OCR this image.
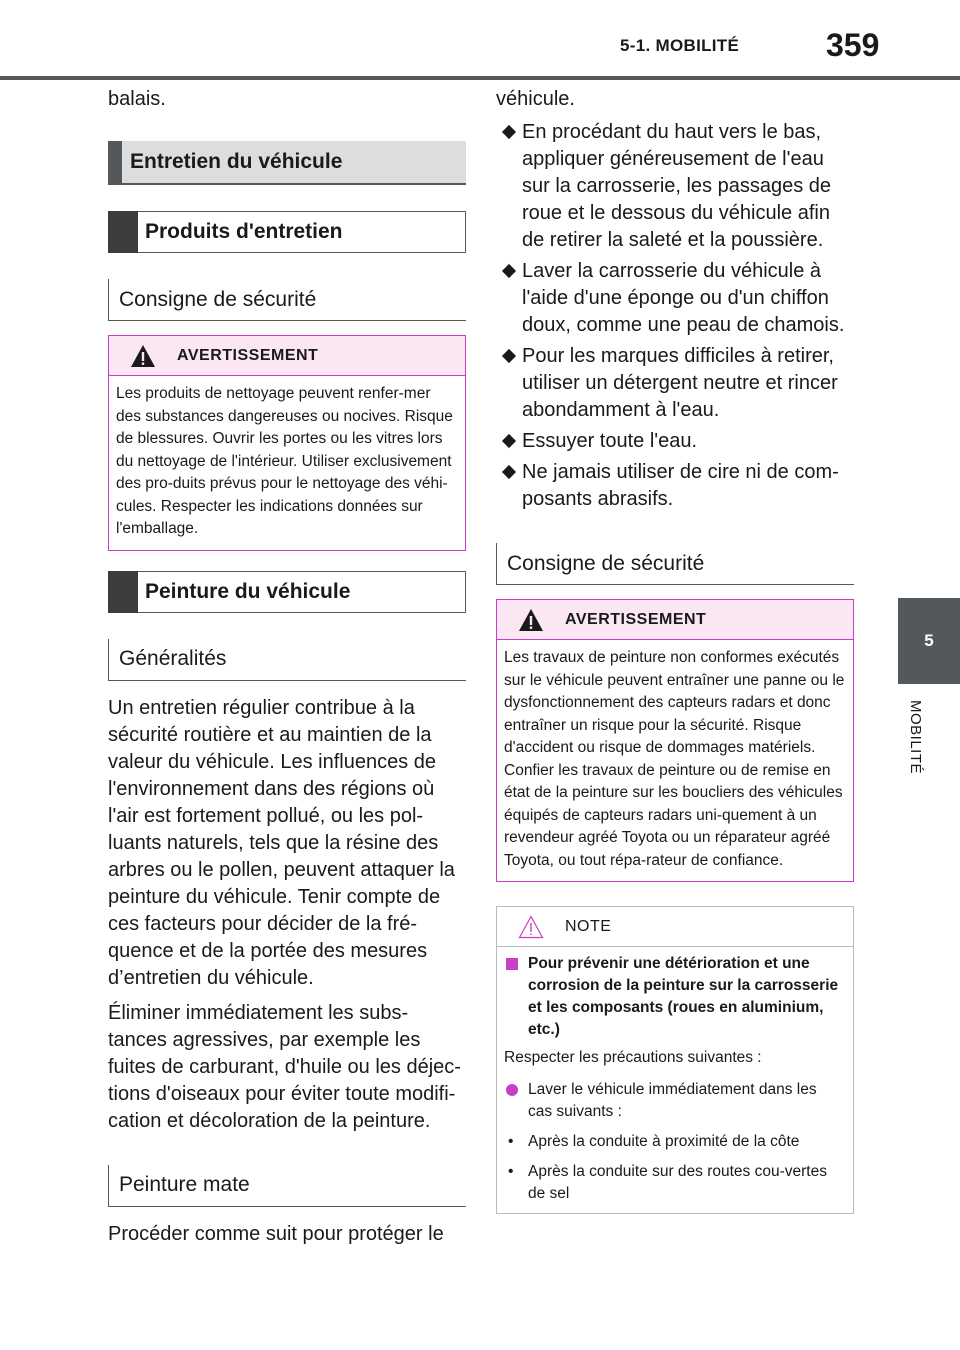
5-1. MOBILITÉ	359
5
MOBILITÉ
balais.
Entretien du véhicule
Produits d'entretien
Consigne de sécurité
AVERTISSEMENT
Les produits de nettoyage peuvent renfer-mer des substances dangereuses ou nocives. Risque de blessures. Ouvrir les portes ou les vitres lors du nettoyage de l'intérieur. Utiliser exclusivement des pro-duits prévus pour le nettoyage des véhi-cules. Respecter les indications données sur l'emballage.
Peinture du véhicule
Généralités
Un entretien régulier contribue à la sécurité routière et au maintien de la valeur du véhicule. Les influences de l'environnement dans des régions où l'air est fortement pollué, ou les pol-luants naturels, tels que la résine des arbres ou le pollen, peuvent attaquer la peinture du véhicule. Tenir compte de ces facteurs pour décider de la fré-quence et de la portée des mesures d’entretien du véhicule.
Éliminer immédiatement les subs-tances agressives, par exemple les fuites de carburant, d'huile ou les déjec-tions d'oiseaux pour éviter toute modifi-cation et décoloration de la peinture.
Peinture mate
Procéder comme suit pour protéger le
véhicule.
En procédant du haut vers le bas, appliquer généreusement de l'eau sur la carrosserie, les passages de roue et le dessous du véhicule afin de retirer la saleté et la poussière.
Laver la carrosserie du véhicule à l'aide d'une éponge ou d'un chiffon doux, comme une peau de chamois.
Pour les marques difficiles à retirer, utiliser un détergent neutre et rincer abondamment à l'eau.
Essuyer toute l'eau.
Ne jamais utiliser de cire ni de com-posants abrasifs.
Consigne de sécurité
AVERTISSEMENT
Les travaux de peinture non conformes exécutés sur le véhicule peuvent entraîner une panne ou le dysfonctionnement des capteurs radars et donc entraîner un risque pour la sécurité. Risque d'accident ou risque de dommages matériels. Confier les travaux de peinture ou de remise en état de la peinture sur les boucliers des véhicules équipés de capteurs radars uni-quement à un revendeur agréé Toyota ou un réparateur agréé Toyota, ou tout répa-rateur de confiance.
NOTE
Pour prévenir une détérioration et une corrosion de la peinture sur la carrosserie et les composants (roues en aluminium, etc.)
Respecter les précautions suivantes :
Laver le véhicule immédiatement dans les cas suivants :
• Après la conduite à proximité de la côte
• Après la conduite sur des routes cou-vertes de sel
